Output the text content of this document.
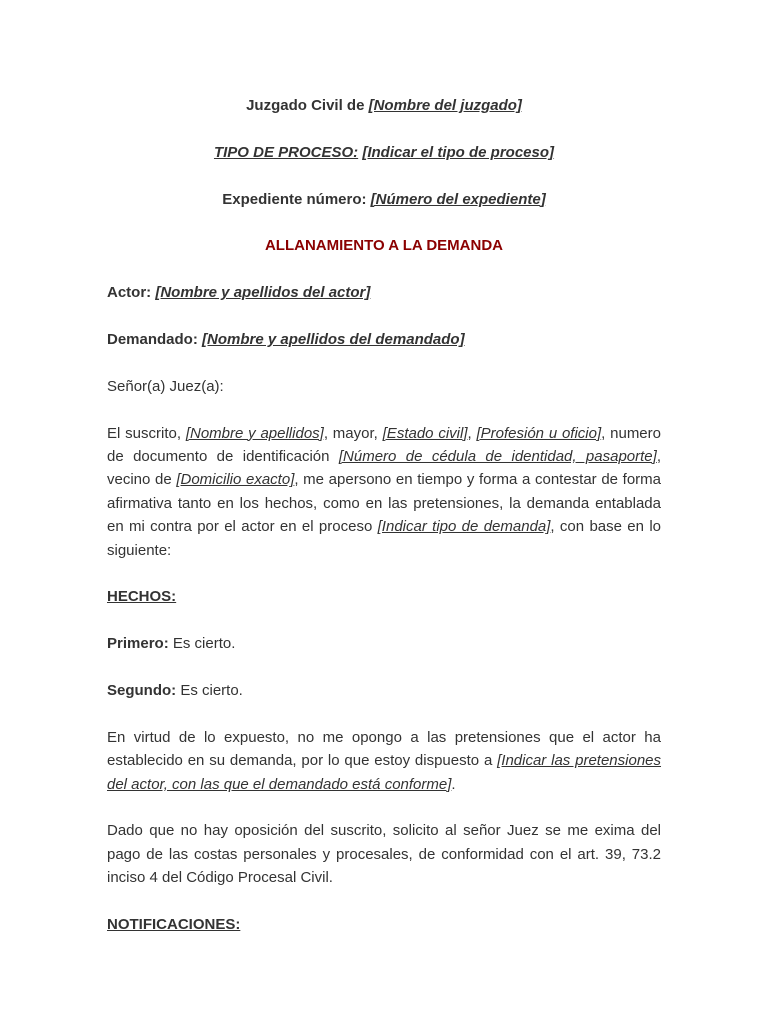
Juzgado Civil de [Nombre del juzgado]

TIPO DE PROCESO: [Indicar el tipo de proceso]

Expediente número: [Número del expediente]

ALLANAMIENTO A LA DEMANDA

Actor: [Nombre y apellidos del actor]

Demandado: [Nombre y apellidos del demandado]

Señor(a) Juez(a):

El suscrito, [Nombre y apellidos], mayor, [Estado civil], [Profesión u oficio], numero de documento de identificación [Número de cédula de identidad, pasaporte], vecino de [Domicilio exacto], me apersono en tiempo y forma a contestar de forma afirmativa tanto en los hechos, como en las pretensiones, la demanda entablada en mi contra por el actor en el proceso [Indicar tipo de demanda], con base en lo siguiente:

HECHOS:

Primero: Es cierto.

Segundo: Es cierto.

En virtud de lo expuesto, no me opongo a las pretensiones que el actor ha establecido en su demanda, por lo que estoy dispuesto a [Indicar las pretensiones del actor, con las que el demandado está conforme].

Dado que no hay oposición del suscrito, solicito al señor Juez se me exima del pago de las costas personales y procesales, de conformidad con el art. 39, 73.2 inciso 4 del Código Procesal Civil.

NOTIFICACIONES:
